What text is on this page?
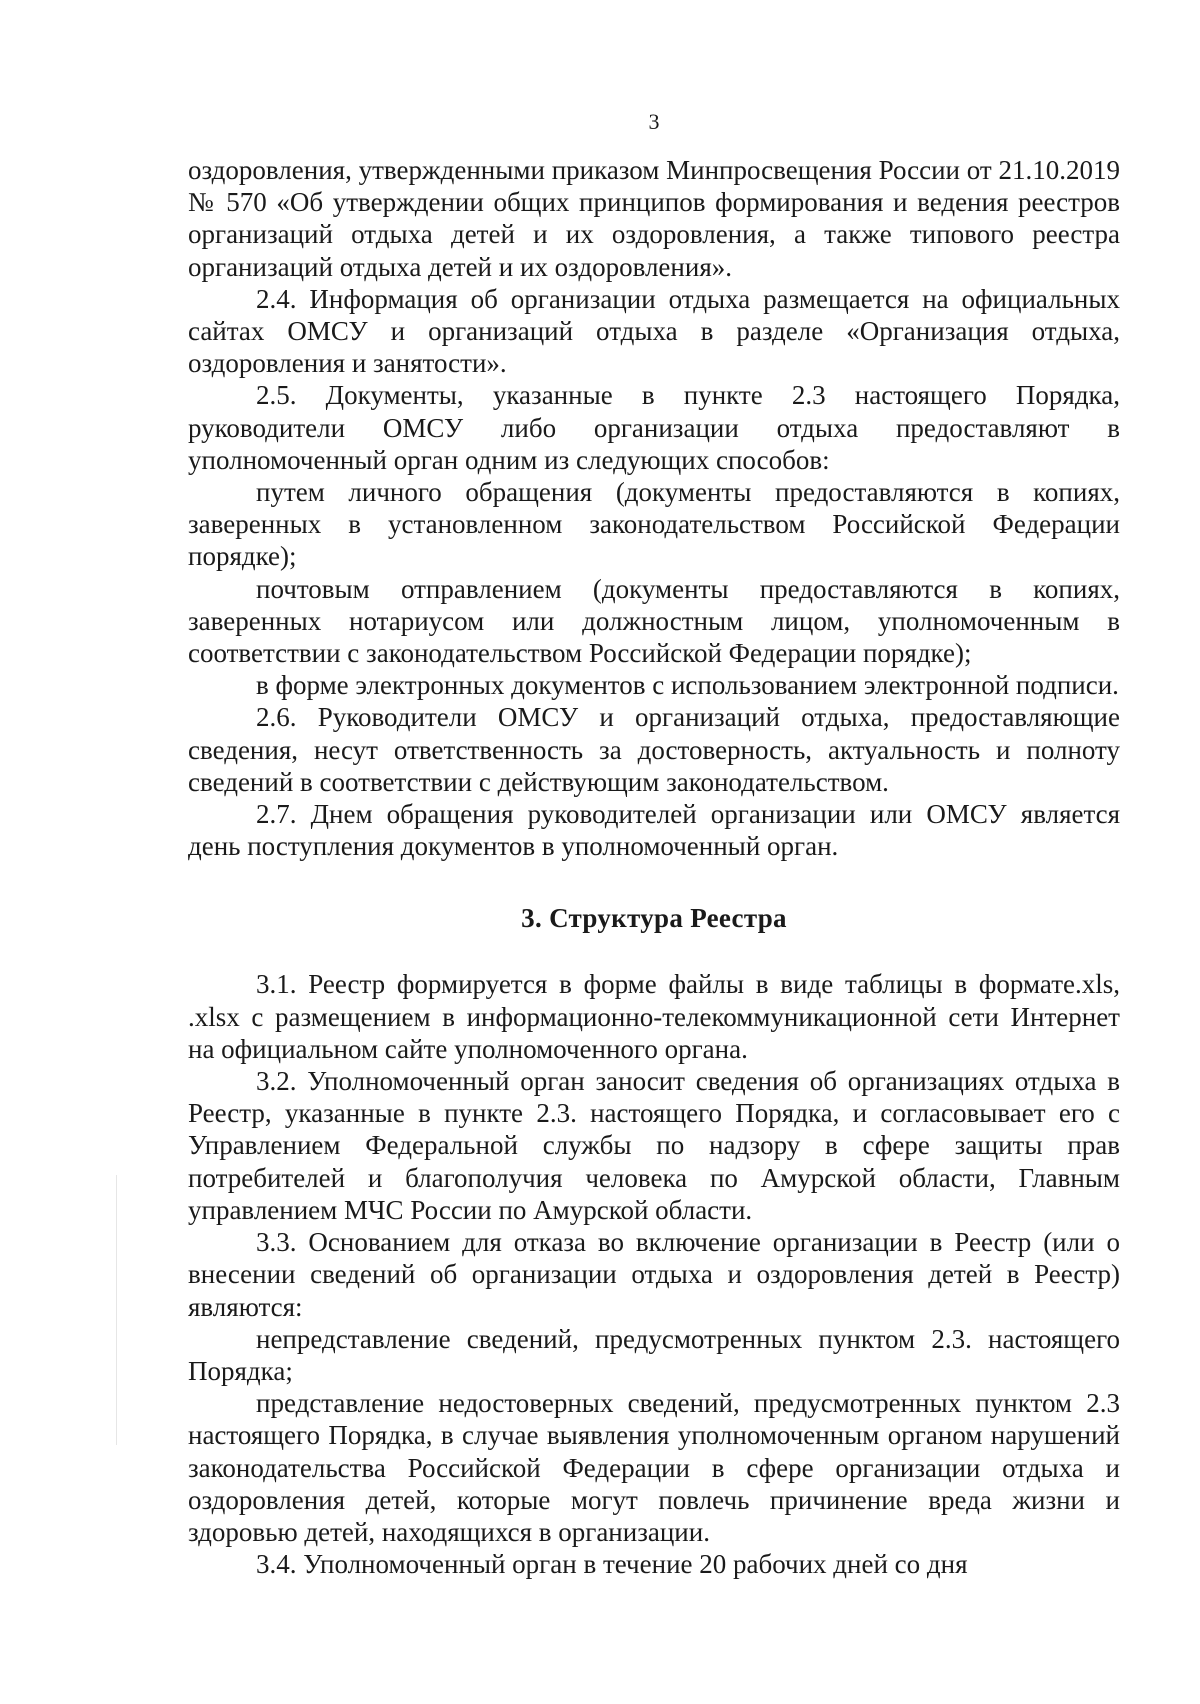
3

оздоровления, утвержденными приказом Минпросвещения России от 21.10.2019 № 570 «Об утверждении общих принципов формирования и ведения реестров организаций отдыха детей и их оздоровления, а также типового реестра организаций отдыха детей и их оздоровления».

2.4. Информация об организации отдыха размещается на официальных сайтах ОМСУ и организаций отдыха в разделе «Организация отдыха, оздоровления и занятости».

2.5. Документы, указанные в пункте 2.3 настоящего Порядка, руководители ОМСУ либо организации отдыха предоставляют в уполномоченный орган одним из следующих способов:

путем личного обращения (документы предоставляются в копиях, заверенных в установленном законодательством Российской Федерации порядке);

почтовым отправлением (документы предоставляются в копиях, заверенных нотариусом или должностным лицом, уполномоченным в соответствии с законодательством Российской Федерации порядке);

в форме электронных документов с использованием электронной подписи.

2.6. Руководители ОМСУ и организаций отдыха, предоставляющие сведения, несут ответственность за достоверность, актуальность и полноту сведений в соответствии с действующим законодательством.

2.7. Днем обращения руководителей организации или ОМСУ является день поступления документов в уполномоченный орган.

3. Структура Реестра

3.1. Реестр формируется в форме файлы в виде таблицы в формате.xls, .xlsx с размещением в информационно-телекоммуникационной сети Интернет на официальном сайте уполномоченного органа.

3.2. Уполномоченный орган заносит сведения об организациях отдыха в Реестр, указанные в пункте 2.3. настоящего Порядка, и согласовывает его с Управлением Федеральной службы по надзору в сфере защиты прав потребителей и благополучия человека по Амурской области, Главным управлением МЧС России по Амурской области.

3.3. Основанием для отказа во включение организации в Реестр (или о внесении сведений об организации отдыха и оздоровления детей в Реестр) являются:

непредставление сведений, предусмотренных пунктом 2.3. настоящего Порядка;

представление недостоверных сведений, предусмотренных пунктом 2.3 настоящего Порядка, в случае выявления уполномоченным органом нарушений законодательства Российской Федерации в сфере организации отдыха и оздоровления детей, которые могут повлечь причинение вреда жизни и здоровью детей, находящихся в организации.

3.4. Уполномоченный орган в течение 20 рабочих дней со дня
